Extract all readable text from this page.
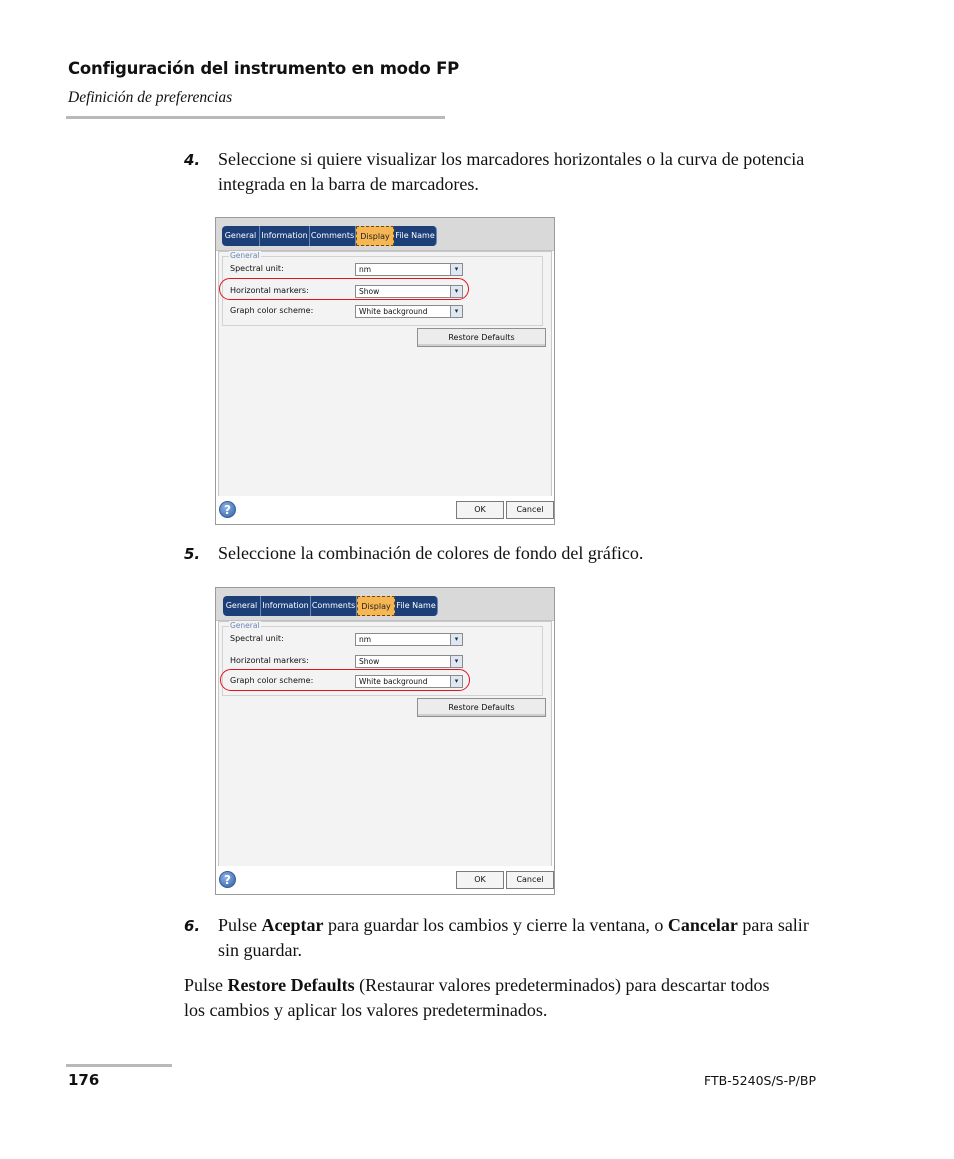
Configuración del instrumento en modo FP
Definición de preferencias
4. Seleccione si quiere visualizar los marcadores horizontales o la curva de potencia integrada en la barra de marcadores.
General Information Comments Display File Name
General
Spectral unit:	nm	▾
Horizontal markers:	Show	▾
Graph color scheme:	White background	▾
Restore Defaults
?	OK	Cancel
5. Seleccione la combinación de colores de fondo del gráfico.
General Information Comments Display File Name
General
Spectral unit:	nm	▾
Horizontal markers:	Show	▾
Graph color scheme:	White background	▾
Restore Defaults
?	OK	Cancel
6. Pulse Aceptar para guardar los cambios y cierre la ventana, o Cancelar para salir sin guardar.
Pulse Restore Defaults (Restaurar valores predeterminados) para descartar todos los cambios y aplicar los valores predeterminados.
176	FTB-5240S/S-P/BP
